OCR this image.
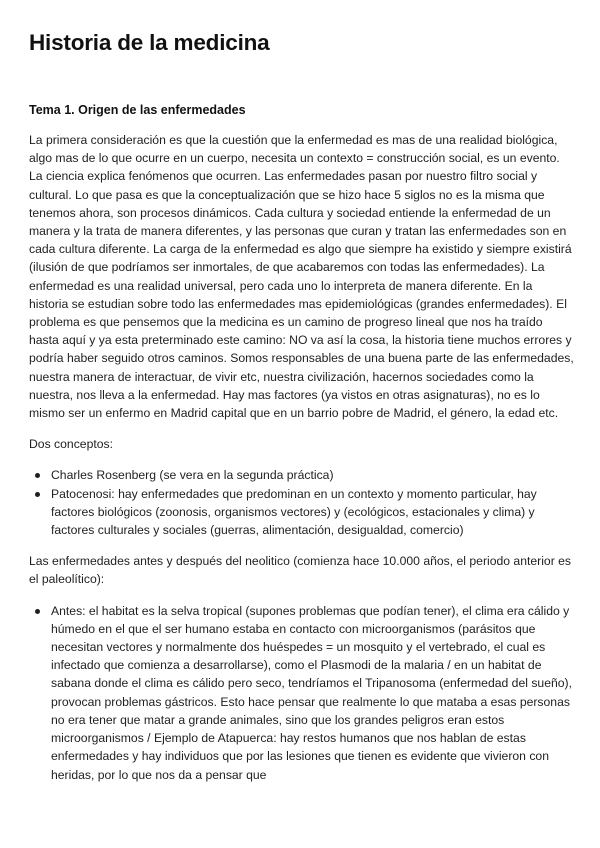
Historia de la medicina
Tema 1. Origen de las enfermedades

La primera consideración es que la cuestión que la enfermedad es mas de una realidad biológica, algo mas de lo que ocurre en un cuerpo, necesita un contexto = construcción social, es un evento. La ciencia explica fenómenos que ocurren. Las enfermedades pasan por nuestro filtro social y cultural. Lo que pasa es que la conceptualización que se hizo hace 5 siglos no es la misma que tenemos ahora, son procesos dinámicos. Cada cultura y sociedad entiende la enfermedad de un manera y la trata de manera diferentes, y las personas que curan y tratan las enfermedades son en cada cultura diferente. La carga de la enfermedad es algo que siempre ha existido y siempre existirá (ilusión de que podríamos ser inmortales, de que acabaremos con todas las enfermedades). La enfermedad es una realidad universal, pero cada uno lo interpreta de manera diferente. En la historia se estudian sobre todo las enfermedades mas epidemiológicas (grandes enfermedades). El problema es que pensemos que la medicina es un camino de progreso lineal que nos ha traído hasta aquí y ya esta preterminado este camino: NO va así la cosa, la historia tiene muchos errores y podría haber seguido otros caminos. Somos responsables de una buena parte de las enfermedades, nuestra manera de interactuar, de vivir etc, nuestra civilización, hacernos sociedades como la nuestra, nos lleva a la enfermedad. Hay mas factores (ya vistos en otras asignaturas), no es lo mismo ser un enfermo en Madrid capital que en un barrio pobre de Madrid, el género, la edad etc.

Dos conceptos:

Charles Rosenberg (se vera en la segunda práctica)
Patocenosi: hay enfermedades que predominan en un contexto y momento particular, hay factores biológicos (zoonosis, organismos vectores) y (ecológicos, estacionales y clima) y factores culturales y sociales (guerras, alimentación, desigualdad, comercio)

Las enfermedades antes y después del neolitico (comienza hace 10.000 años, el periodo anterior es el paleolítico):

Antes: el habitat es la selva tropical (supones problemas que podían tener), el clima era cálido y húmedo en el que el ser humano estaba en contacto con microorganismos (parásitos que necesitan vectores y normalmente dos huéspedes = un mosquito y el vertebrado, el cual es infectado que comienza a desarrollarse), como el Plasmodi de la malaria / en un habitat de sabana donde el clima es cálido pero seco, tendríamos el Tripanosoma (enfermedad del sueño), provocan problemas gástricos. Esto hace pensar que realmente lo que mataba a esas personas no era tener que matar a grande animales, sino que los grandes peligros eran estos microorganismos / Ejemplo de Atapuerca: hay restos humanos que nos hablan de estas enfermedades y hay individuos que por las lesiones que tienen es evidente que vivieron con heridas, por lo que nos da a pensar que
